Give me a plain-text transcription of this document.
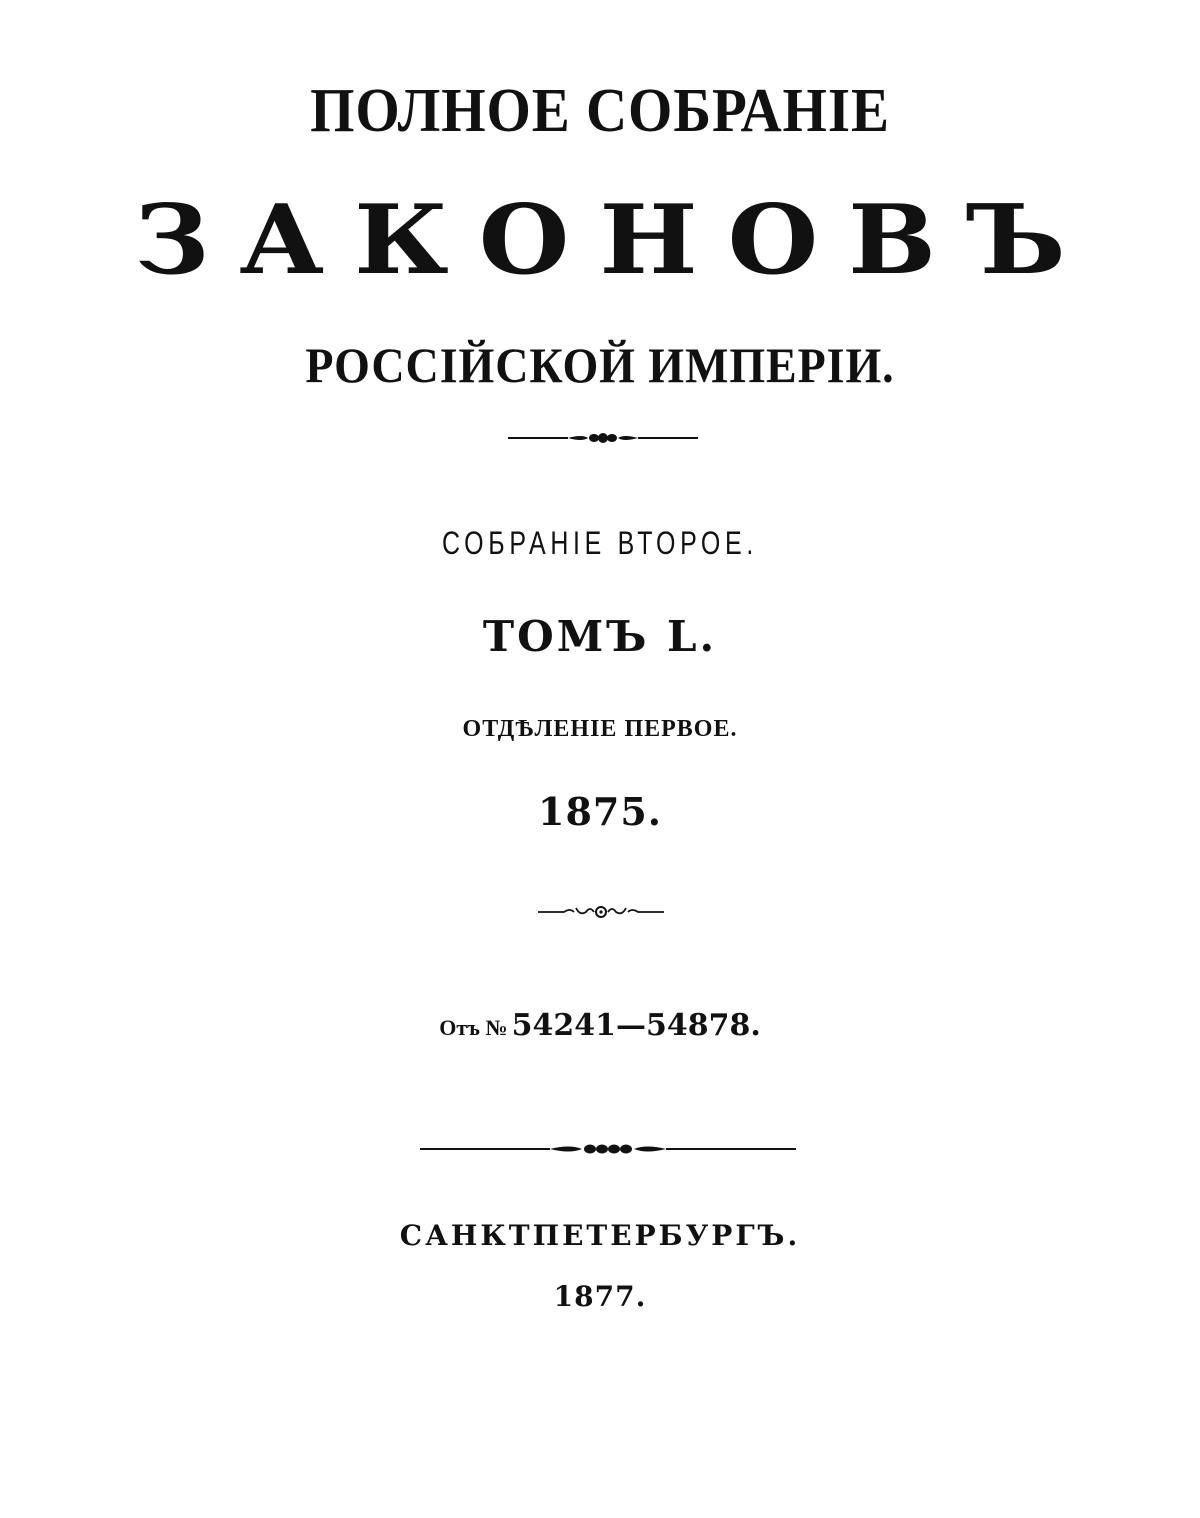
ПОЛНОЕ СОБРАНІЕ
ЗАКОНОВЪ
РОССІЙСКОЙ ИМПЕРІИ.
СОБРАНІЕ ВТОРОЕ.
ТОМЪ L.
ОТДѢЛЕНІЕ ПЕРВОЕ.
1875.
Отъ № 54241—54878.
САНКТПЕТЕРБУРГЪ.
1877.
